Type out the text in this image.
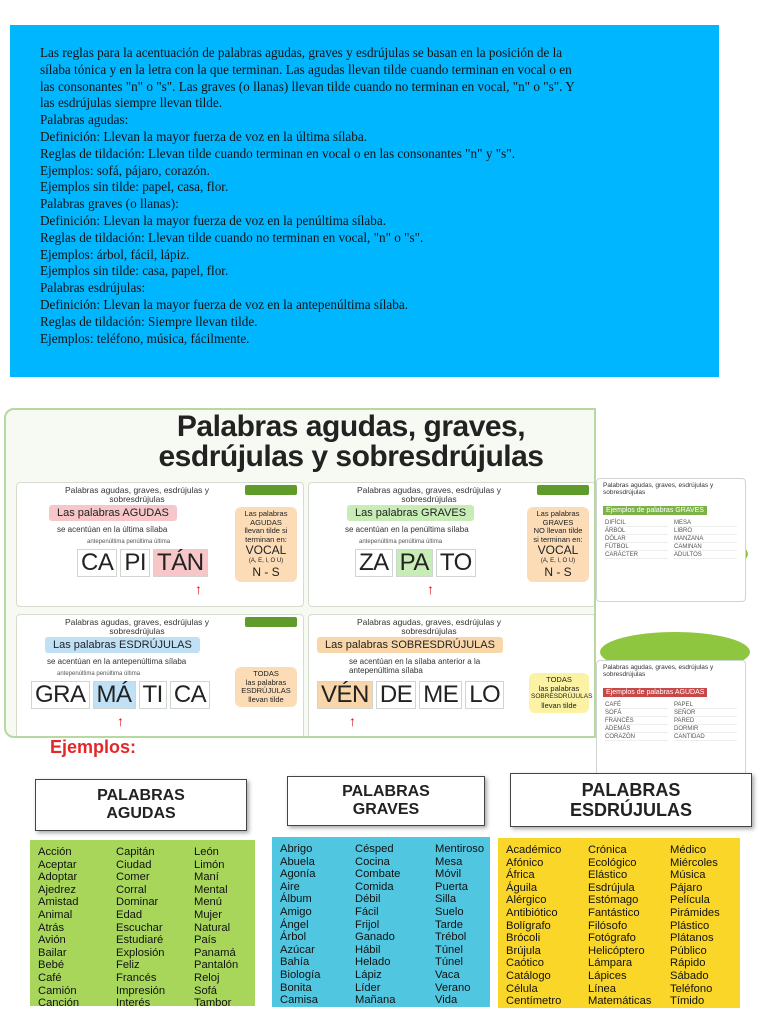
Las reglas para la acentuación de palabras agudas, graves y esdrújulas se basan en la posición de la
sílaba tónica y en la letra con la que terminan. Las agudas llevan tilde cuando terminan en vocal o en
las consonantes "n" o "s". Las graves (o llanas) llevan tilde cuando no terminan en vocal, "n" o "s". Y
las esdrújulas siempre llevan tilde.
Palabras agudas:
Definición: Llevan la mayor fuerza de voz en la última sílaba.
Reglas de tildación: Llevan tilde cuando terminan en vocal o en las consonantes "n" y "s".
Ejemplos: sofá, pájaro, corazón.
Ejemplos sin tilde: papel, casa, flor.
Palabras graves (o llanas):
Definición: Llevan la mayor fuerza de voz en la penúltima sílaba.
Reglas de tildación: Llevan tilde cuando no terminan en vocal, "n" o "s".
Ejemplos: árbol, fácil, lápiz.
Ejemplos sin tilde: casa, papel, flor.
Palabras esdrújulas:
Definición: Llevan la mayor fuerza de voz en la antepenúltima sílaba.
Reglas de tildación: Siempre llevan tilde.
Ejemplos: teléfono, música, fácilmente.
Palabras agudas, graves,
esdrújulas y sobresdrújulas
Palabras agudas, graves, esdrújulas y sobresdrújulas
Las palabras AGUDAS
se acentúan en la última sílaba
antepenúltima penúltima última
CA PI TÁN
↑
Las palabras
AGUDAS
llevan tilde si
terminan en:
VOCAL
(A, E, I, O U)
N - S
Palabras agudas, graves, esdrújulas y sobresdrújulas
Las palabras GRAVES
se acentúan en la penúltima sílaba
antepenúltima penúltima última
ZA PA TO
↑
Las palabras
GRAVES
NO llevan tilde
si terminan en:
VOCAL
(A, E, I, O U)
N - S
Palabras agudas, graves, esdrújulas y sobresdrújulas
Las palabras ESDRÚJULAS
se acentúan en la antepenúltima sílaba
antepenúltima penúltima última
GRA MÁ TI CA
↑
TODAS
las palabras
ESDRÚJULAS
llevan tilde
Palabras agudas, graves, esdrújulas y sobresdrújulas
Las palabras SOBRESDRÚJULAS
se acentúan en la sílaba anterior a la antepenúltima sílaba
VÉN DE ME LO
↑
TODAS
las palabras
SOBRESDRÚJULAS
llevan tilde
Palabras agudas, graves, esdrújulas y sobresdrújulas
Ejemplos de palabras GRAVES
DIFÍCIL	MESA
ÁRBOL	LIBRO
DÓLAR	MANZANA
FÚTBOL	CAMINAN
CARÁCTER	ADULTOS
Palabras agudas, graves, esdrújulas y sobresdrújulas
Ejemplos de palabras AGUDAS
CAFÉ	PAPEL
SOFÁ	SEÑOR
FRANCÉS	PARED
ADEMÁS	DORMIR
CORAZÓN	CANTIDAD
Ejemplos:
PALABRAS
AGUDAS
PALABRAS
GRAVES
PALABRAS
ESDRÚJULAS
Acción
Aceptar
Adoptar
Ajedrez
Amistad
Animal
Atrás
Avión
Bailar
Bebé
Café
Camión
Canción
Capitán
Ciudad
Comer
Corral
Dominar
Edad
Escuchar
Estudiaré
Explosión
Feliz
Francés
Impresión
Interés
León
Limón
Maní
Mental
Menú
Mujer
Natural
País
Panamá
Pantalón
Reloj
Sofá
Tambor
Abrigo
Abuela
Agonía
Aire
Álbum
Amigo
Ángel
Árbol
Azúcar
Bahía
Biología
Bonita
Camisa
Césped
Cocina
Combate
Comida
Débil
Fácil
Frijol
Ganado
Hábil
Helado
Lápiz
Líder
Mañana
Mentiroso
Mesa
Móvil
Puerta
Silla
Suelo
Tarde
Trébol
Túnel
Túnel
Vaca
Verano
Vida
Académico
Afónico
África
Águila
Alérgico
Antibiótico
Bolígrafo
Brócoli
Brújula
Caótico
Catálogo
Célula
Centímetro
Crónica
Ecológico
Elástico
Esdrújula
Estómago
Fantástico
Filósofo
Fotógrafo
Helicóptero
Lámpara
Lápices
Línea
Matemáticas
Médico
Miércoles
Música
Pájaro
Película
Pirámides
Plástico
Plátanos
Público
Rápido
Sábado
Teléfono
Tímido
